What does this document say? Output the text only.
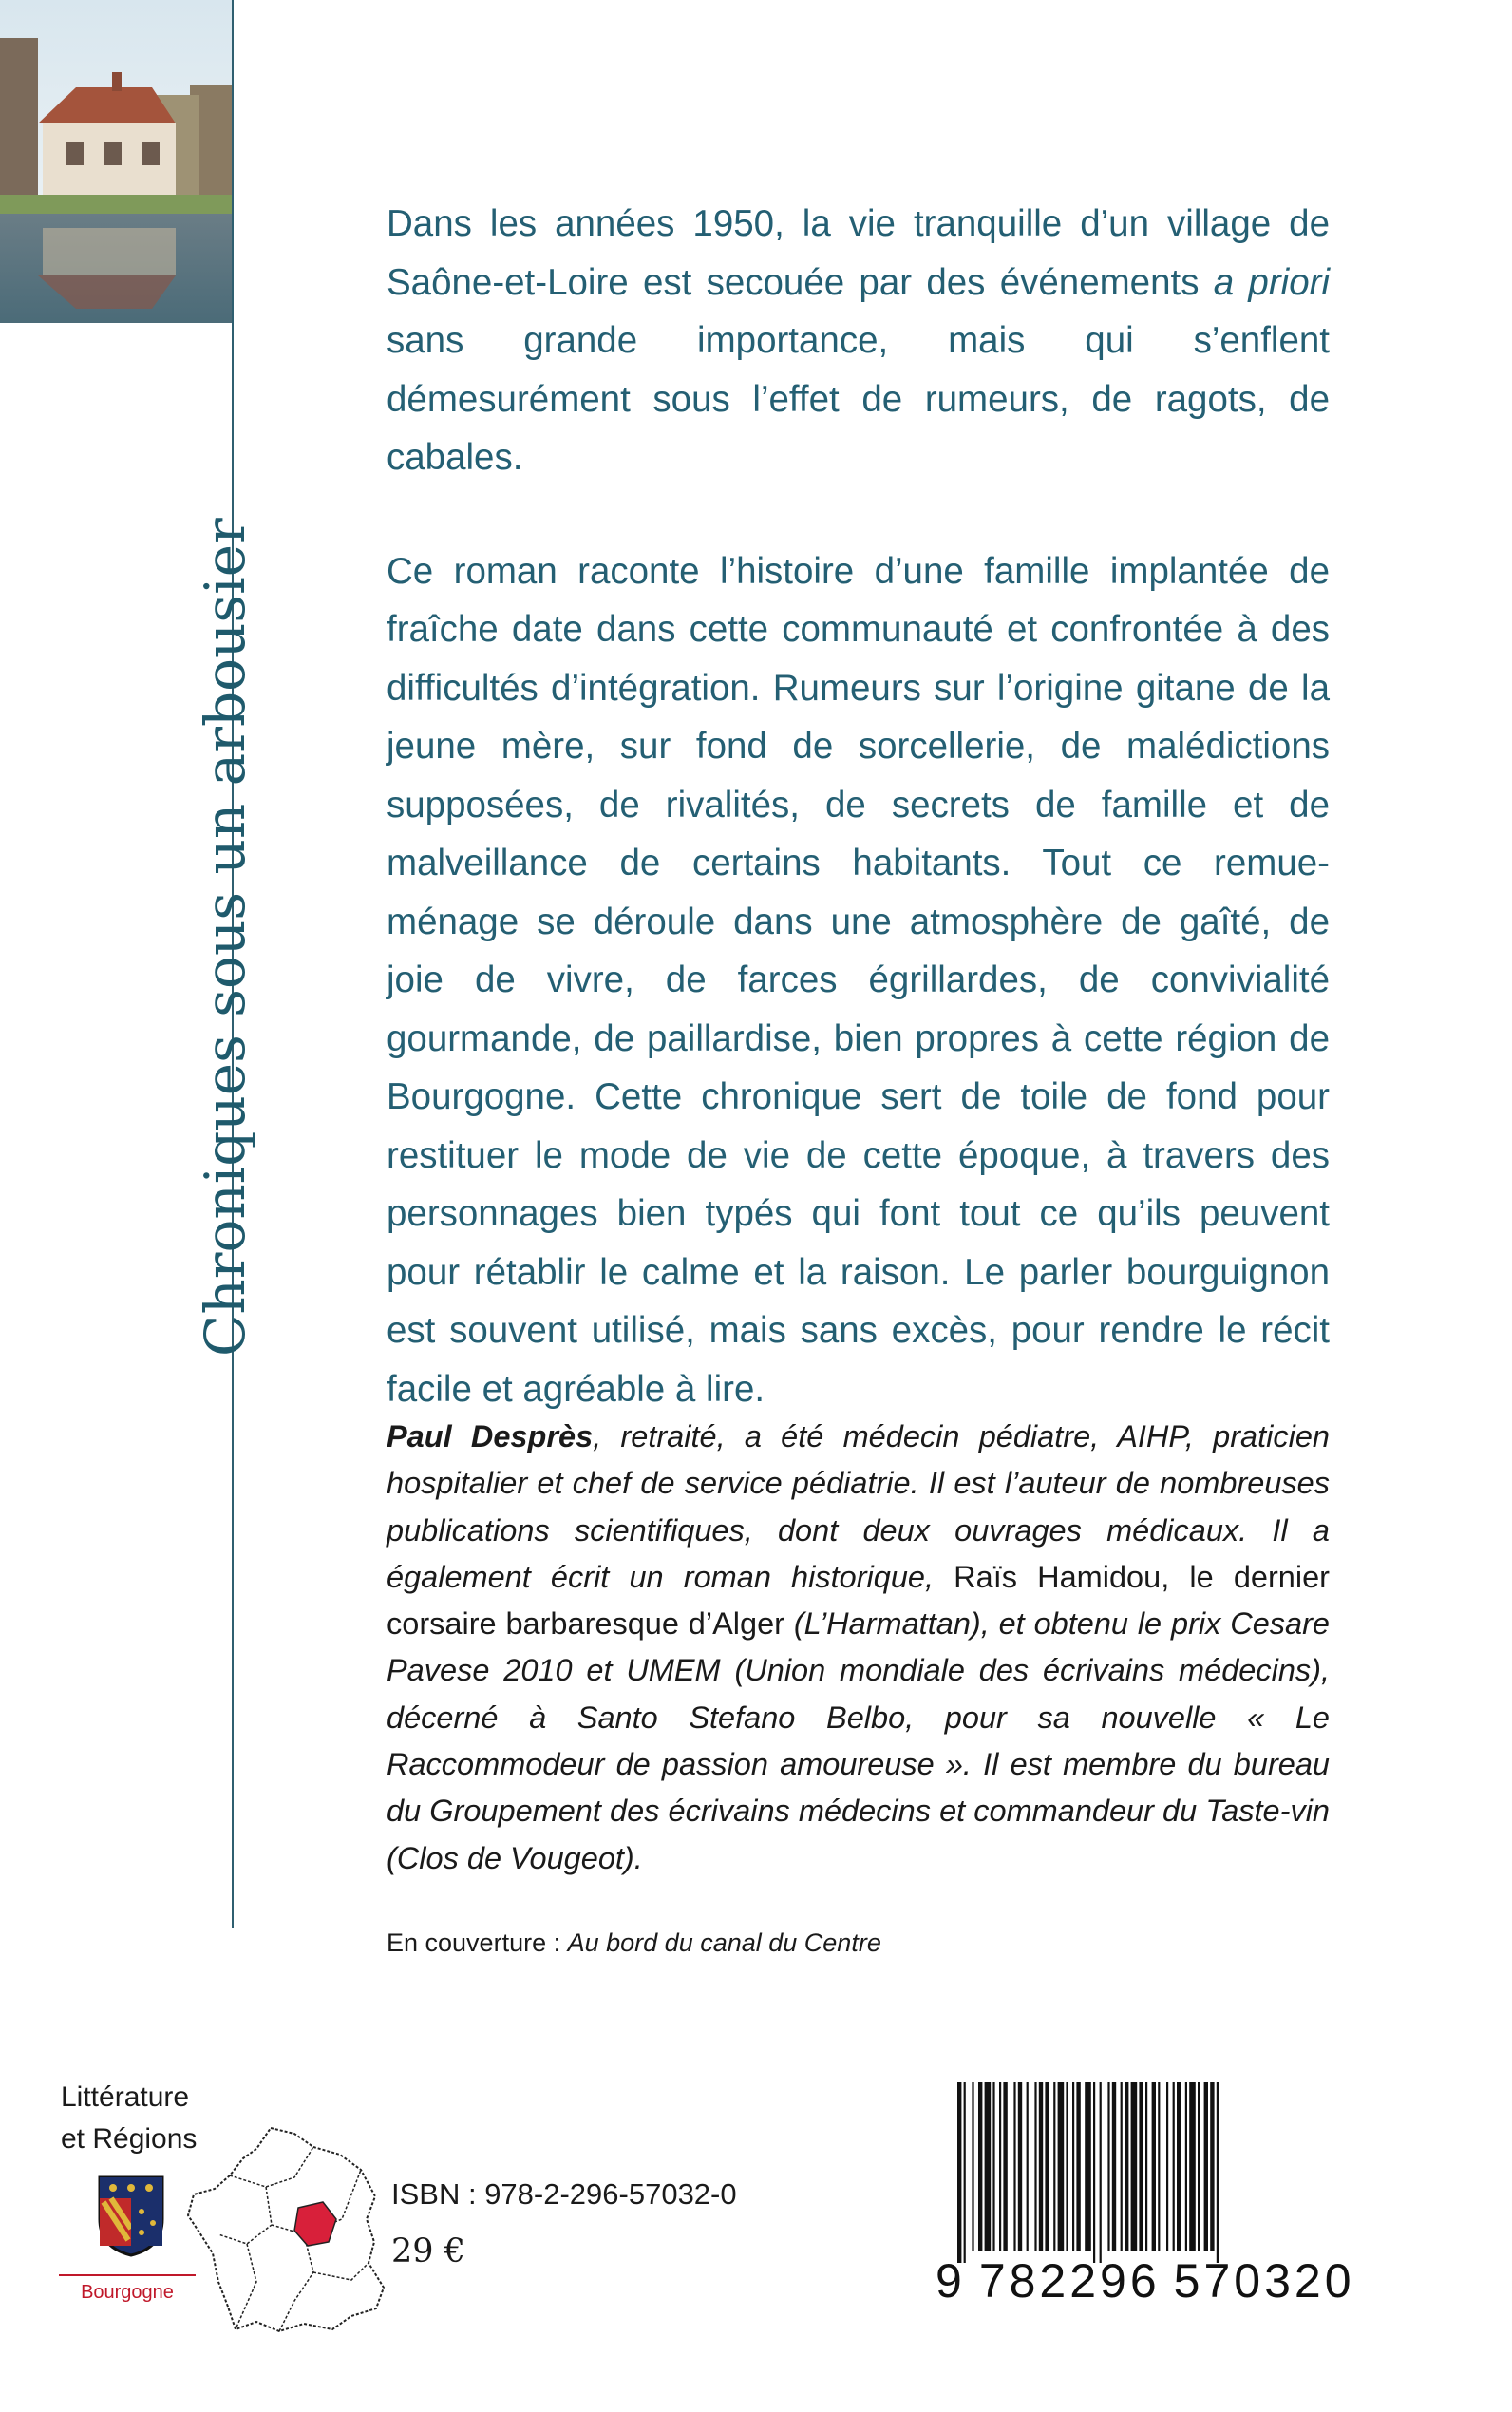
Chroniques sous un arbousier

Dans les années 1950, la vie tranquille d’un village de Saône-et-Loire est secouée par des événements a priori sans grande importance, mais qui s’enflent démesurément sous l’effet de rumeurs, de ragots, de cabales.

Ce roman raconte l’histoire d’une famille implantée de fraîche date dans cette communauté et confrontée à des difficultés d’intégration. Rumeurs sur l’origine gitane de la jeune mère, sur fond de sorcellerie, de malédictions supposées, de rivalités, de secrets de famille et de malveillance de certains habitants. Tout ce remue-ménage se déroule dans une atmosphère de gaîté, de joie de vivre, de farces égrillardes, de convivialité gourmande, de paillardise, bien propres à cette région de Bourgogne. Cette chronique sert de toile de fond pour restituer le mode de vie de cette époque, à travers des personnages bien typés qui font tout ce qu’ils peuvent pour rétablir le calme et la raison. Le parler bourguignon est souvent utilisé, mais sans excès, pour rendre le récit facile et agréable à lire.

Paul Desprès, retraité, a été médecin pédiatre, AIHP, praticien hospitalier et chef de service pédiatrie. Il est l’auteur de nombreuses publications scientifiques, dont deux ouvrages médicaux. Il a également écrit un roman historique, Raïs Hamidou, le dernier corsaire barbaresque d’Alger (L’Harmattan), et obtenu le prix Cesare Pavese 2010 et UMEM (Union mondiale des écrivains médecins), décerné à Santo Stefano Belbo, pour sa nouvelle « Le Raccommodeur de passion amoureuse ». Il est membre du bureau du Groupement des écrivains médecins et commandeur du Taste-vin (Clos de Vougeot).

En couverture : Au bord du canal du Centre
Littérature
et Régions
Bourgogne
ISBN : 978-2-296-57032-0
29 €
9 782296 570320
